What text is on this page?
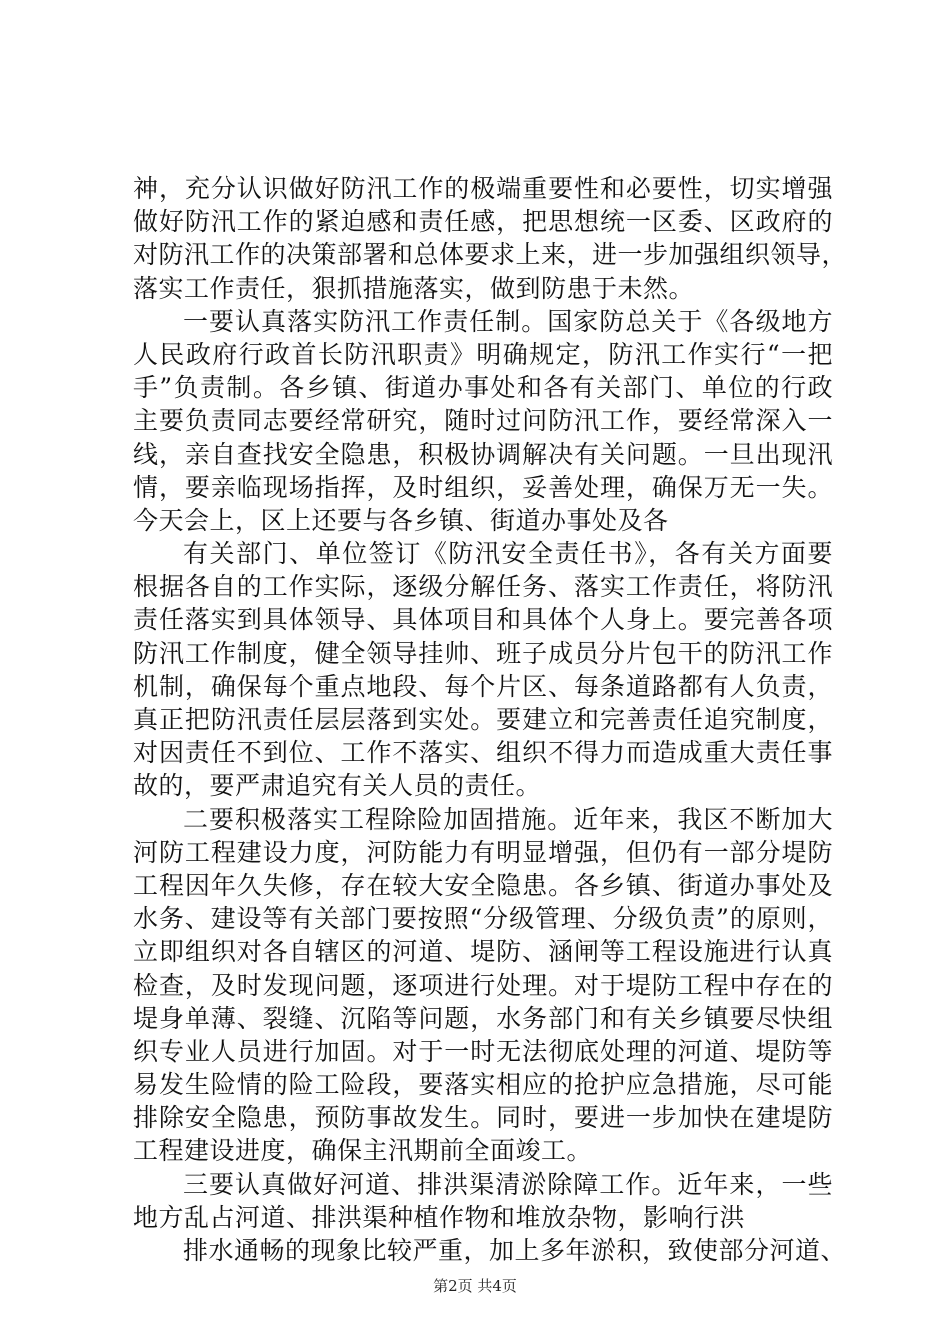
神，充分认识做好防汛工作的极端重要性和必要性，切实增强
做好防汛工作的紧迫感和责任感，把思想统一区委、区政府的
对防汛工作的决策部署和总体要求上来，进一步加强组织领导，
落实工作责任，狠抓措施落实，做到防患于未然。
一要认真落实防汛工作责任制。国家防总关于《各级地方
人民政府行政首长防汛职责》明确规定，防汛工作实行“一把
手”负责制。各乡镇、街道办事处和各有关部门、单位的行政
主要负责同志要经常研究，随时过问防汛工作，要经常深入一
线，亲自查找安全隐患，积极协调解决有关问题。一旦出现汛
情，要亲临现场指挥，及时组织，妥善处理，确保万无一失。
今天会上，区上还要与各乡镇、街道办事处及各
有关部门、单位签订《防汛安全责任书》，各有关方面要
根据各自的工作实际，逐级分解任务、落实工作责任，将防汛
责任落实到具体领导、具体项目和具体个人身上。要完善各项
防汛工作制度，健全领导挂帅、班子成员分片包干的防汛工作
机制，确保每个重点地段、每个片区、每条道路都有人负责，
真正把防汛责任层层落到实处。要建立和完善责任追究制度，
对因责任不到位、工作不落实、组织不得力而造成重大责任事
故的，要严肃追究有关人员的责任。
二要积极落实工程除险加固措施。近年来，我区不断加大
河防工程建设力度，河防能力有明显增强，但仍有一部分堤防
工程因年久失修，存在较大安全隐患。各乡镇、街道办事处及
水务、建设等有关部门要按照“分级管理、分级负责”的原则，
立即组织对各自辖区的河道、堤防、涵闸等工程设施进行认真
检查，及时发现问题，逐项进行处理。对于堤防工程中存在的
堤身单薄、裂缝、沉陷等问题，水务部门和有关乡镇要尽快组
织专业人员进行加固。对于一时无法彻底处理的河道、堤防等
易发生险情的险工险段，要落实相应的抢护应急措施，尽可能
排除安全隐患，预防事故发生。同时，要进一步加快在建堤防
工程建设进度，确保主汛期前全面竣工。
三要认真做好河道、排洪渠清淤除障工作。近年来，一些
地方乱占河道、排洪渠种植作物和堆放杂物，影响行洪
排水通畅的现象比较严重，加上多年淤积，致使部分河道、
第2页 共4页
